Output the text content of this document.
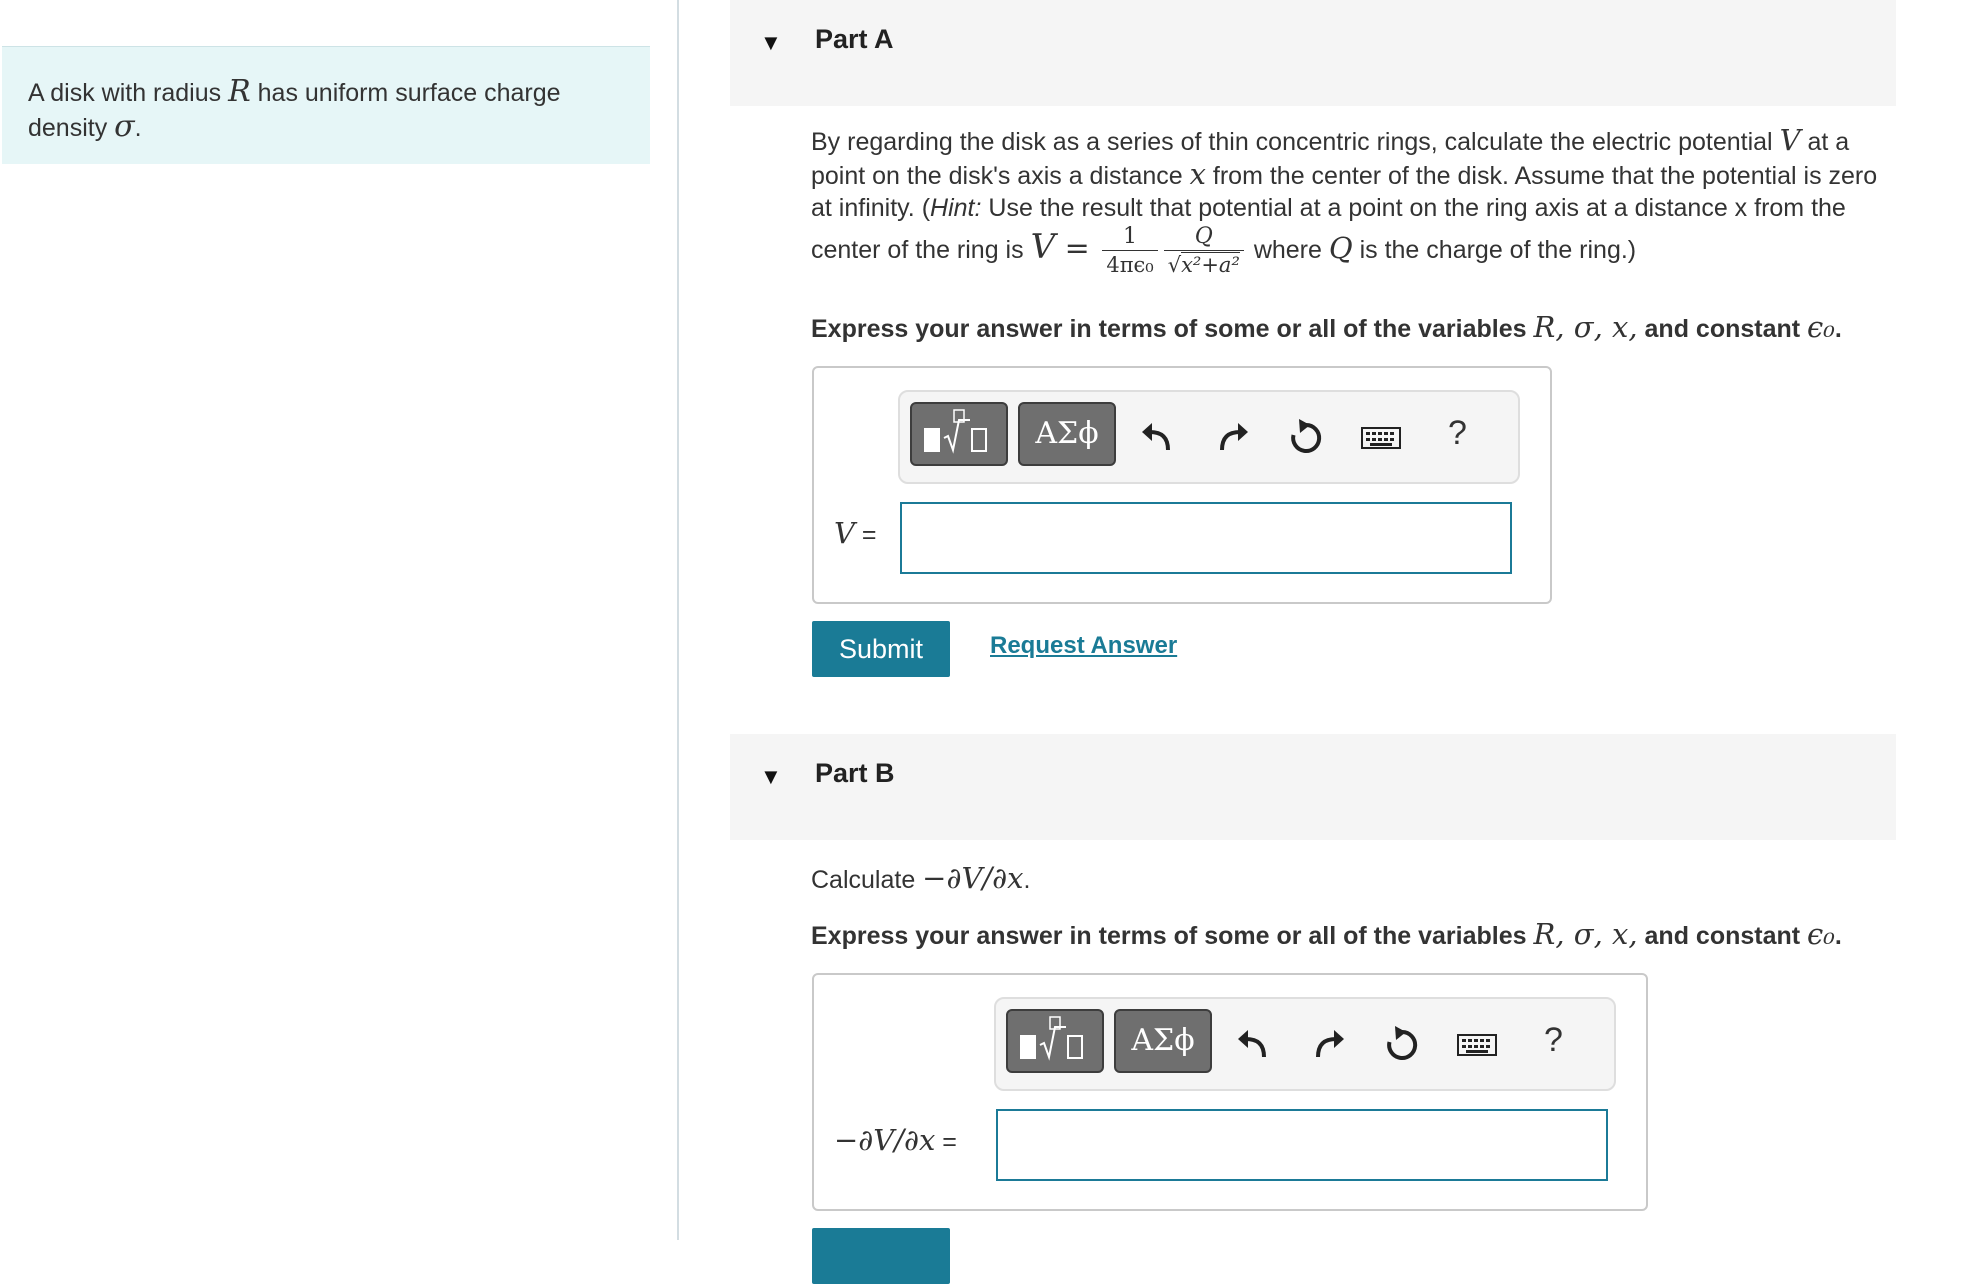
A disk with radius R has uniform surface charge density σ.
▼ Part A
By regarding the disk as a series of thin concentric rings, calculate the electric potential V at a point on the disk's axis a distance x from the center of the disk. Assume that the potential is zero at infinity. (Hint: Use the result that potential at a point on the ring axis at a distance x from the center of the ring is $V = \frac{1}{\text{4πϵ₀}} \frac{Q}{\text{√x²+a²}}$ where Q is the charge of the ring.)
Express your answer in terms of some or all of the variables R, σ, x, and constant ϵ₀.
ΑΣϕ	?
V =
Submit	Request Answer
▼ Part B
Calculate −∂V/∂x.
Express your answer in terms of some or all of the variables R, σ, x, and constant ϵ₀.
ΑΣϕ	?
−∂V/∂x =
